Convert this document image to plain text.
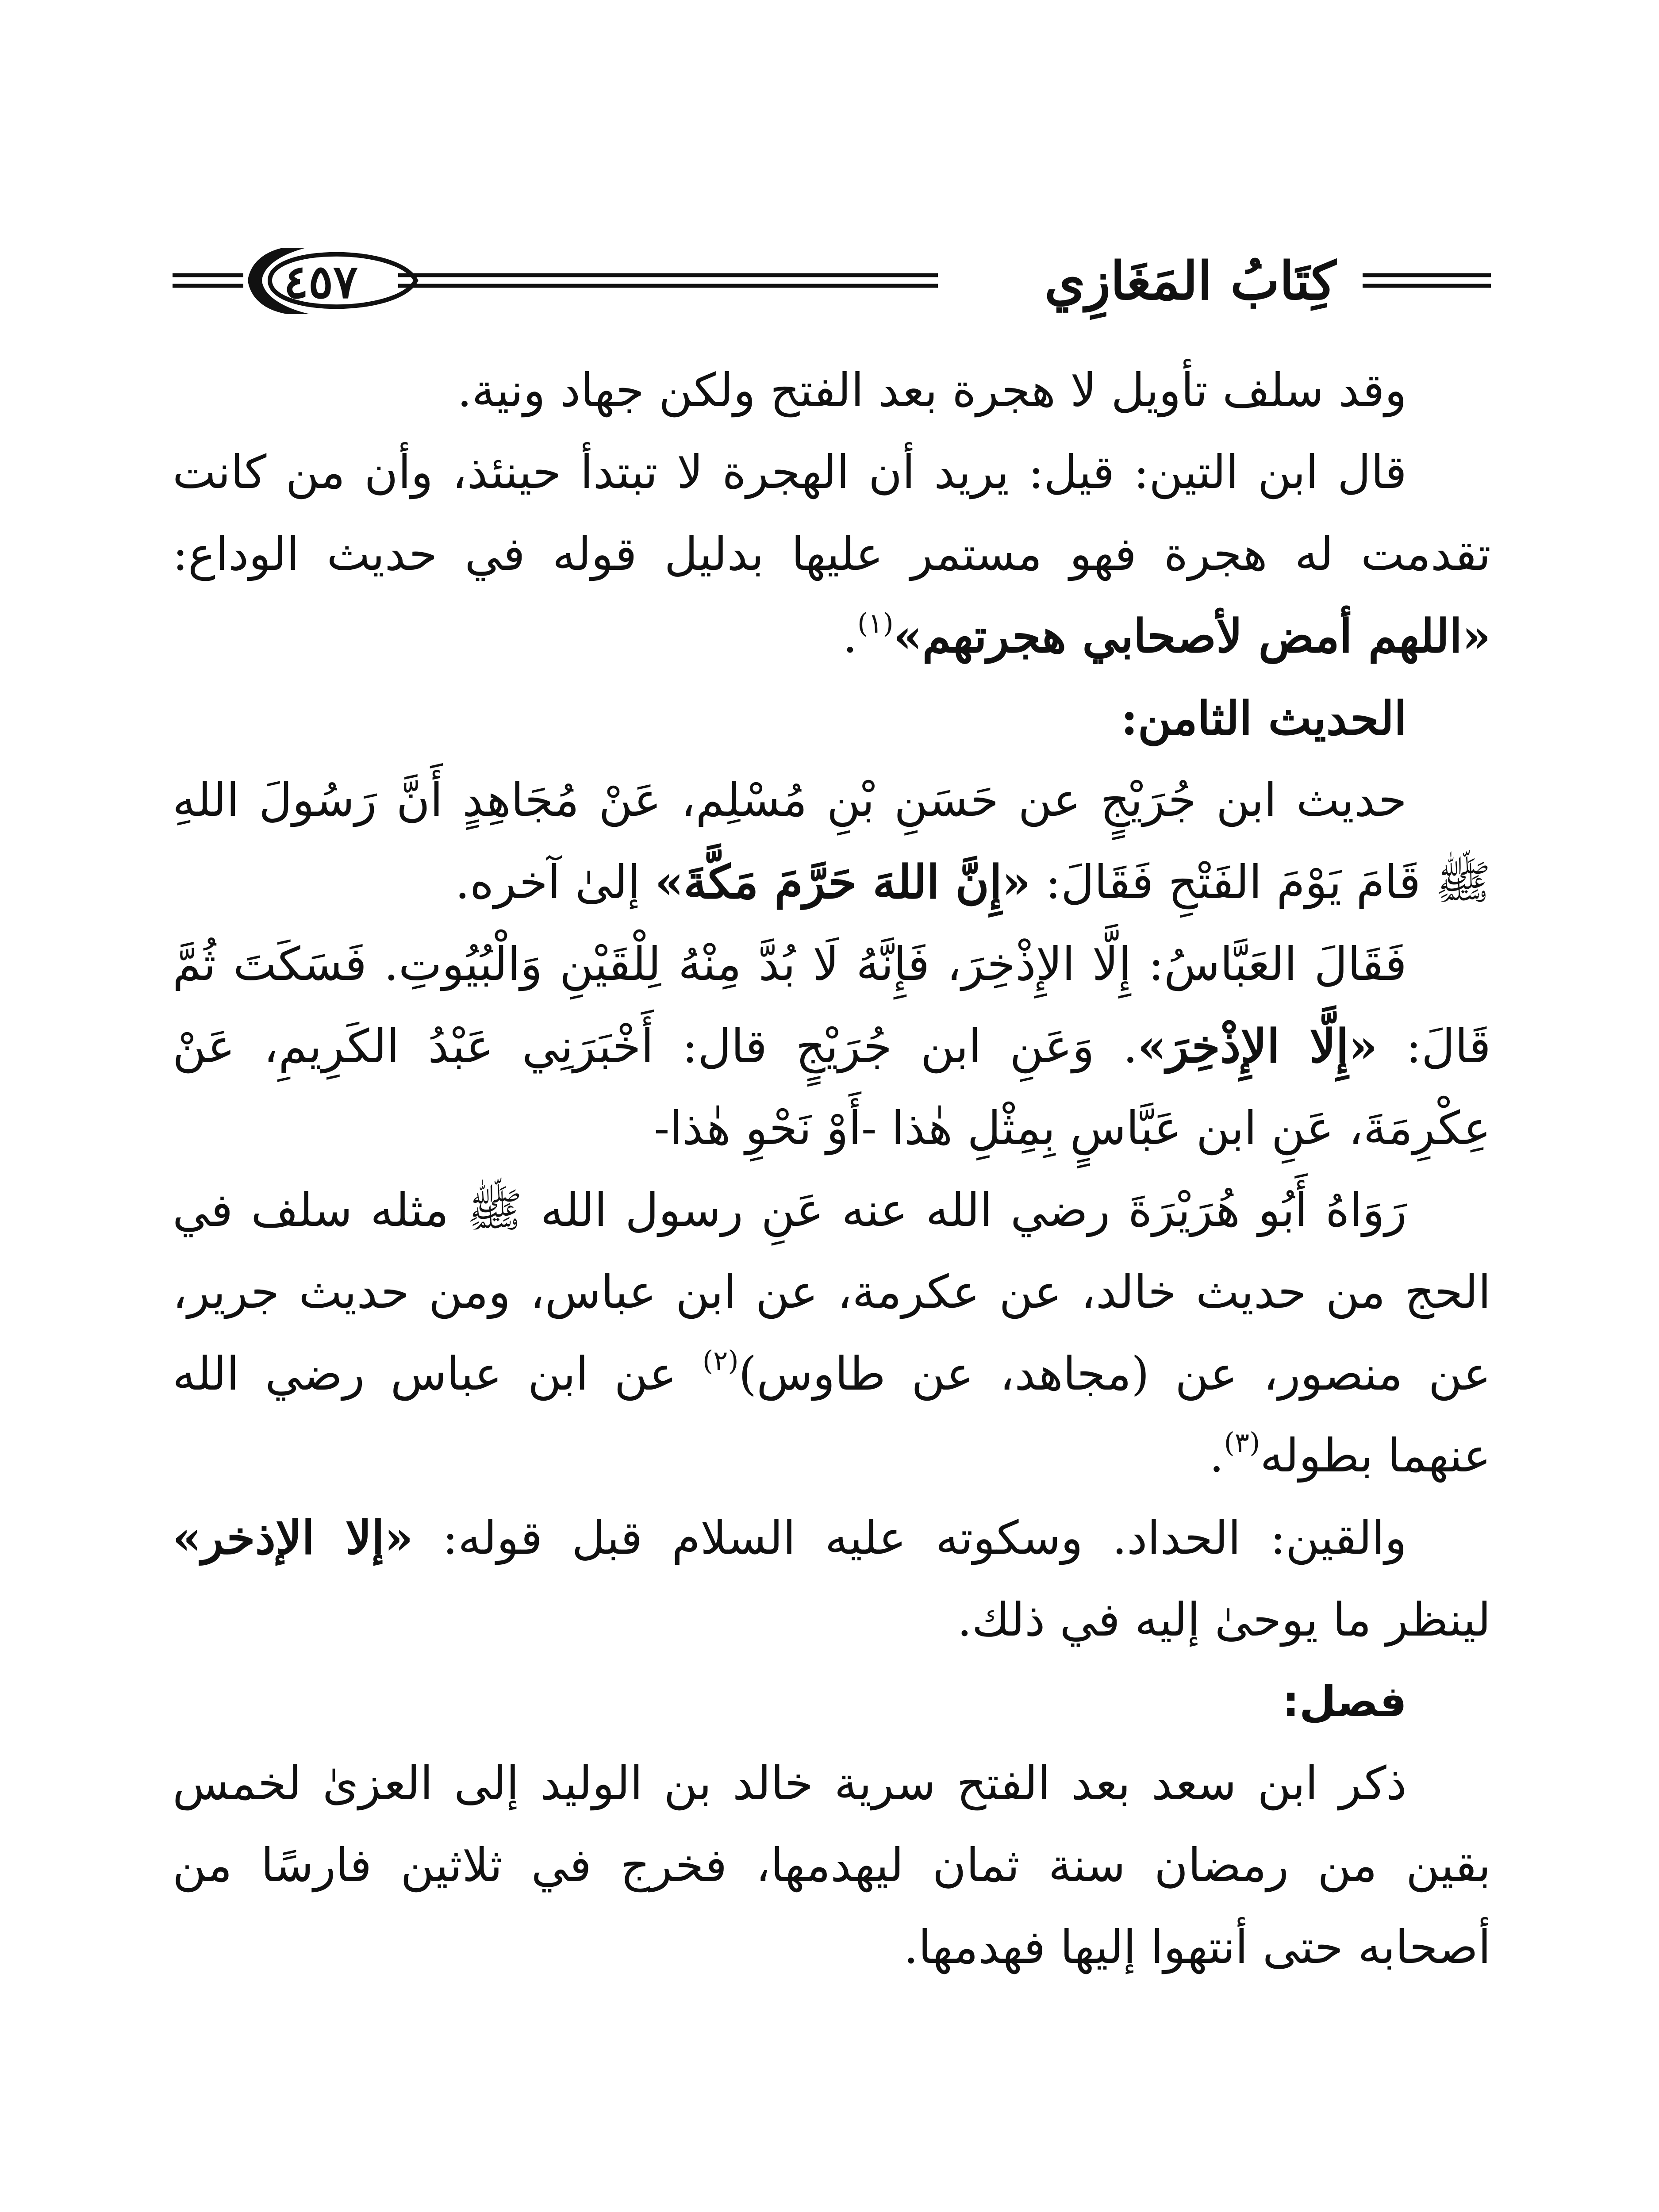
كِتَابُ المَغَازِي
٤٥٧

وقد سلف تأويل لا هجرة بعد الفتح ولكن جهاد ونية.

قال ابن التين: قيل: يريد أن الهجرة لا تبتدأ حينئذ، وأن من كانت تقدمت له هجرة فهو مستمر عليها بدليل قوله في حديث الوداع: «اللهم أمض لأصحابي هجرتهم»$^{(١)}$.

الحديث الثامن:

حديث ابن جُرَيْجٍ عن حَسَنِ بْنِ مُسْلِم، عَنْ مُجَاهِدٍ أَنَّ رَسُولَ اللهِ ﷺ قَامَ يَوْمَ الفَتْحِ فَقَالَ: «إِنَّ اللهَ حَرَّمَ مَكَّةَ» إلىٰ آخره.

فَقَالَ العَبَّاسُ: إِلَّا الإِذْخِرَ، فَإِنَّهُ لَا بُدَّ مِنْهُ لِلْقَيْنِ وَالْبُيُوتِ. فَسَكَتَ ثُمَّ قَالَ: «إِلَّا الإِذْخِرَ». وَعَنِ ابن جُرَيْجٍ قال: أَخْبَرَنِي عَبْدُ الكَرِيمِ، عَنْ عِكْرِمَةَ، عَنِ ابن عَبَّاسٍ بِمِثْلِ هٰذا -أَوْ نَحْوِ هٰذا-

رَوَاهُ أَبُو هُرَيْرَةَ رضي الله عنه عَنِ رسول الله ﷺ مثله سلف في الحج من حديث خالد، عن عكرمة، عن ابن عباس، ومن حديث جرير، عن منصور، عن (مجاهد، عن طاوس)$^{(٢)}$ عن ابن عباس رضي الله عنهما بطوله$^{(٣)}$.

والقين: الحداد. وسكوته عليه السلام قبل قوله: «إلا الإذخر» لينظر ما يوحىٰ إليه في ذلك.

فصل:

ذكر ابن سعد بعد الفتح سرية خالد بن الوليد إلى العزىٰ لخمس بقين من رمضان سنة ثمان ليهدمها، فخرج في ثلاثين فارسًا من أصحابه حتى أنتهوا إليها فهدمها.
